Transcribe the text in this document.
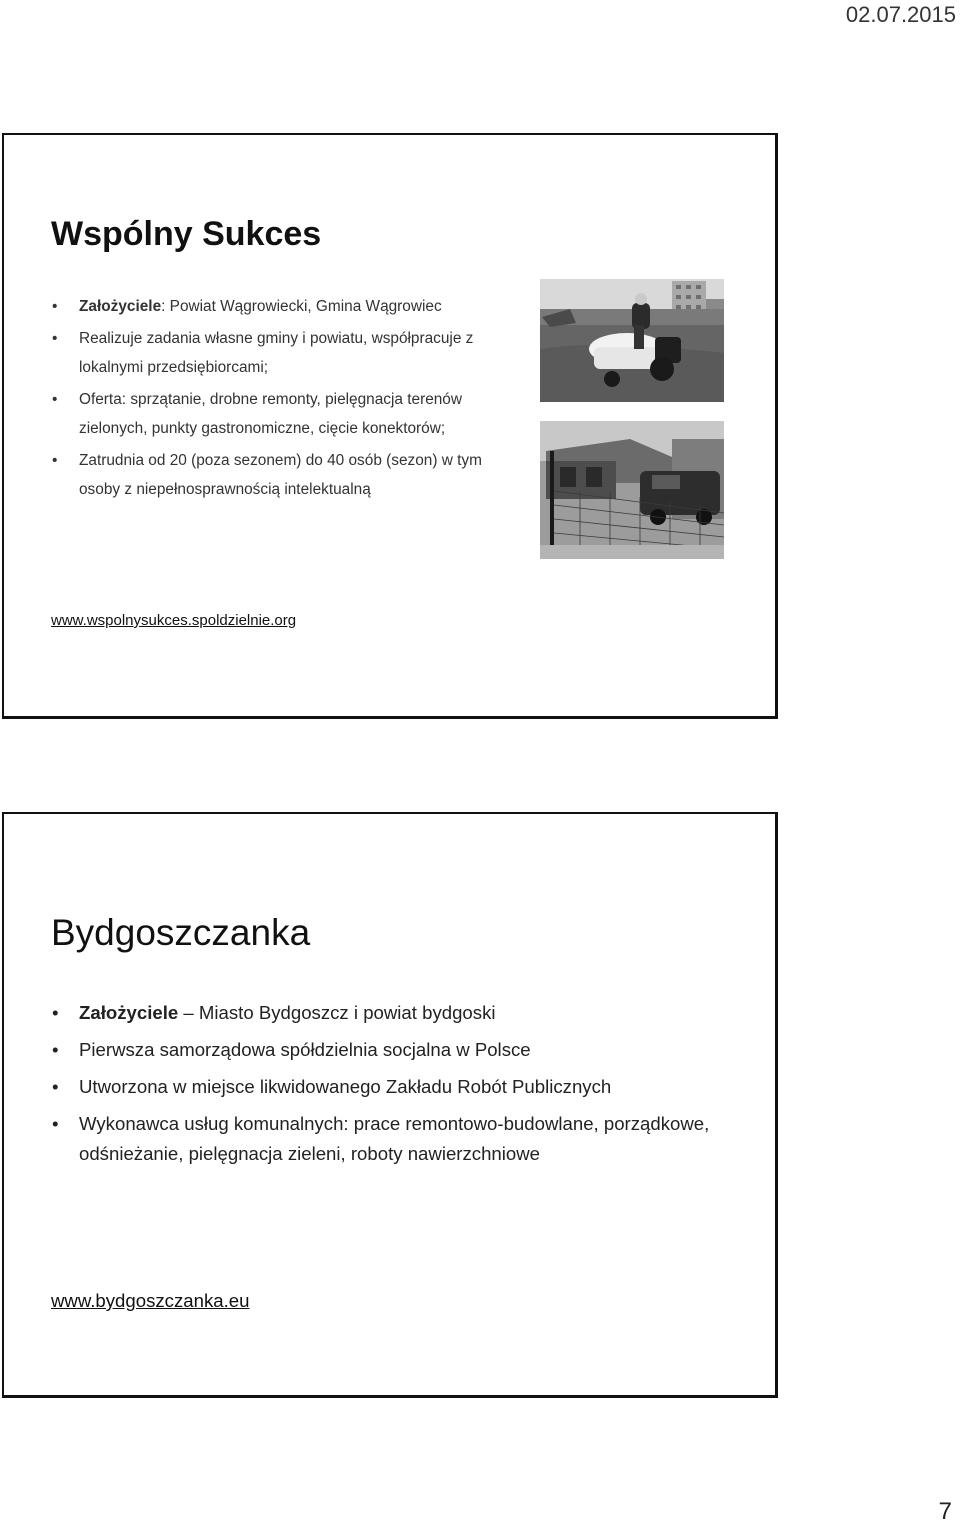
02.07.2015
Wspólny Sukces
• Założyciele: Powiat Wągrowiecki, Gmina Wągrowiec
• Realizuje zadania własne gminy i powiatu, współpracuje z lokalnymi przedsiębiorcami;
• Oferta: sprzątanie, drobne remonty, pielęgnacja terenów zielonych, punkty gastronomiczne, cięcie konektorów;
• Zatrudnia od 20 (poza sezonem) do 40 osób (sezon) w tym osoby z niepełnosprawnością intelektualną
www.wspolnysukces.spoldzielnie.org
Bydgoszczanka
• Założyciele – Miasto Bydgoszcz i powiat bydgoski
• Pierwsza samorządowa spółdzielnia socjalna w Polsce
• Utworzona w miejsce likwidowanego Zakładu Robót Publicznych
• Wykonawca usług komunalnych: prace remontowo-budowlane, porządkowe, odśnieżanie, pielęgnacja zieleni, roboty nawierzchniowe
www.bydgoszczanka.eu
7
